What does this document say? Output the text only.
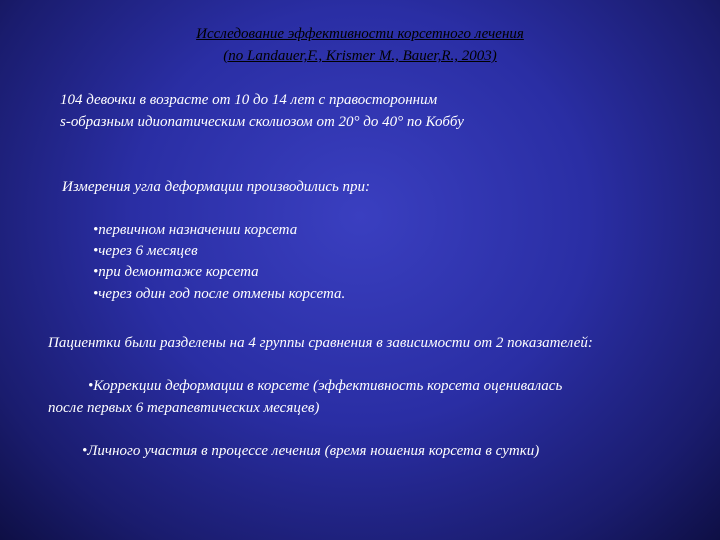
Исследование эффективности корсетного лечения
(по Landauer,F., Krismer M., Bauer,R., 2003)
104 девочки в возрасте от 10 до 14 лет с правосторонним
s-образным идиопатическим сколиозом от 20° до 40° по Коббу
Измерения угла деформации производились при:
•первичном назначении корсета
•через 6 месяцев
•при демонтаже корсета
•через один год после отмены корсета.
Пациентки были разделены на 4 группы сравнения в зависимости от 2 показателей:
•Коррекции деформации в корсете (эффективность корсета оценивалась
после первых 6 терапевтических месяцев)
•Личного участия в процессе лечения (время ношения корсета в сутки)
